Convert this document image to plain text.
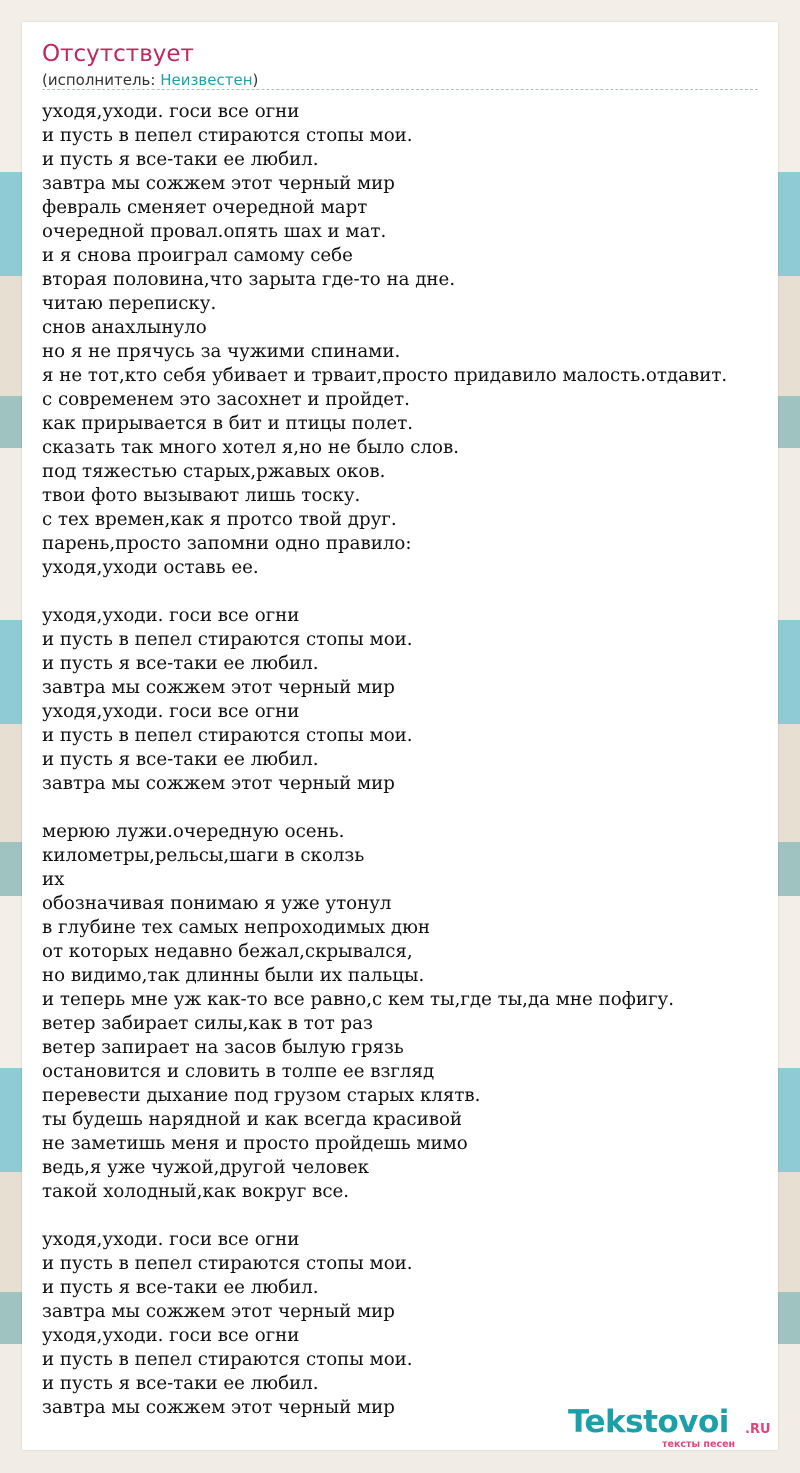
Отсутствует
(исполнитель: Неизвестен)
уходя,уходи. госи все огни
и пусть в пепел стираются стопы мои.
и пусть я все-таки ее любил.
завтра мы сожжем этот черный мир
февраль сменяет очередной март
очередной провал.опять шах и мат.
и я снова проиграл самому себе
вторая половина,что зарыта где-то на дне.
читаю переписку.
снов анахлынуло
но я не прячусь за чужими спинами.
я не тот,кто себя убивает и трваит,просто придавило малость.отдавит.
с современем это засохнет и пройдет.
как прирывается в бит и птицы полет.
сказать так много хотел я,но не было слов.
под тяжестью старых,ржавых оков.
твои фото вызывают лишь тоску.
с тех времен,как я протсо твой друг.
парень,просто запомни одно правило:
уходя,уходи оставь ее.
уходя,уходи. госи все огни
и пусть в пепел стираются стопы мои.
и пусть я все-таки ее любил.
завтра мы сожжем этот черный мир
уходя,уходи. госи все огни
и пусть в пепел стираются стопы мои.
и пусть я все-таки ее любил.
завтра мы сожжем этот черный мир
мерюю лужи.очередную осень.
километры,рельсы,шаги в сколзь
их
обозначивая понимаю я уже утонул
в глубине тех самых непроходимых дюн
от которых недавно бежал,скрывался,
но видимо,так длинны были их пальцы.
и теперь мне уж как-то все равно,с кем ты,где ты,да мне пофигу.
ветер забирает силы,как в тот раз
ветер запирает на засов былую грязь
остановится и словить в толпе ее взгляд
перевести дыхание под грузом старых клятв.
ты будешь нарядной и как всегда красивой
не заметишь меня и просто пройдешь мимо
ведь,я уже чужой,другой человек
такой холодный,как вокруг все.
уходя,уходи. госи все огни
и пусть в пепел стираются стопы мои.
и пусть я все-таки ее любил.
завтра мы сожжем этот черный мир
уходя,уходи. госи все огни
и пусть в пепел стираются стопы мои.
и пусть я все-таки ее любил.
завтра мы сожжем этот черный мир	Tekstovoi .RU
тексты песен
